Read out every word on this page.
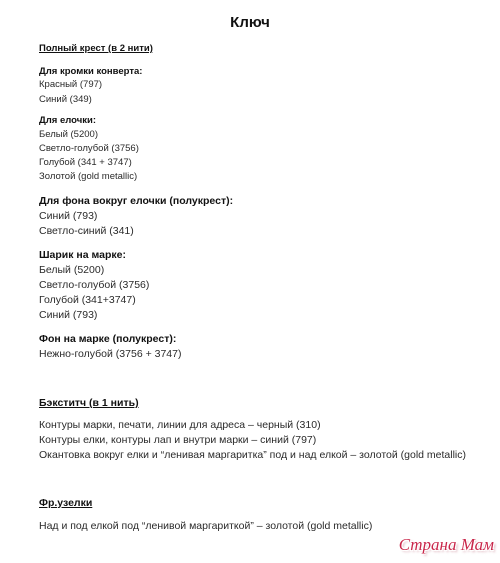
Ключ
Полный крест (в 2 нити)
Для кромки конверта:
Красный (797)
Синий (349)
Для елочки:
Белый (5200)
Светло-голубой (3756)
Голубой (341 + 3747)
Золотой (gold metallic)
Для фона вокруг елочки (полукрест):
Синий (793)
Светло-синий (341)
Шарик на марке:
Белый (5200)
Светло-голубой (3756)
Голубой (341+3747)
Синий (793)
Фон на марке (полукрест):
Нежно-голубой (3756 + 3747)
Бэкститч (в 1 нить)
Контуры марки, печати, линии для адреса – черный (310)
Контуры елки, контуры лап и внутри марки – синий (797)
Окантовка вокруг елки и “ленивая маргаритка” под и над елкой – золотой (gold metallic)
Фр.узелки
Над и под елкой под “ленивой маргариткой” – золотой (gold metallic)
Страна Мам
